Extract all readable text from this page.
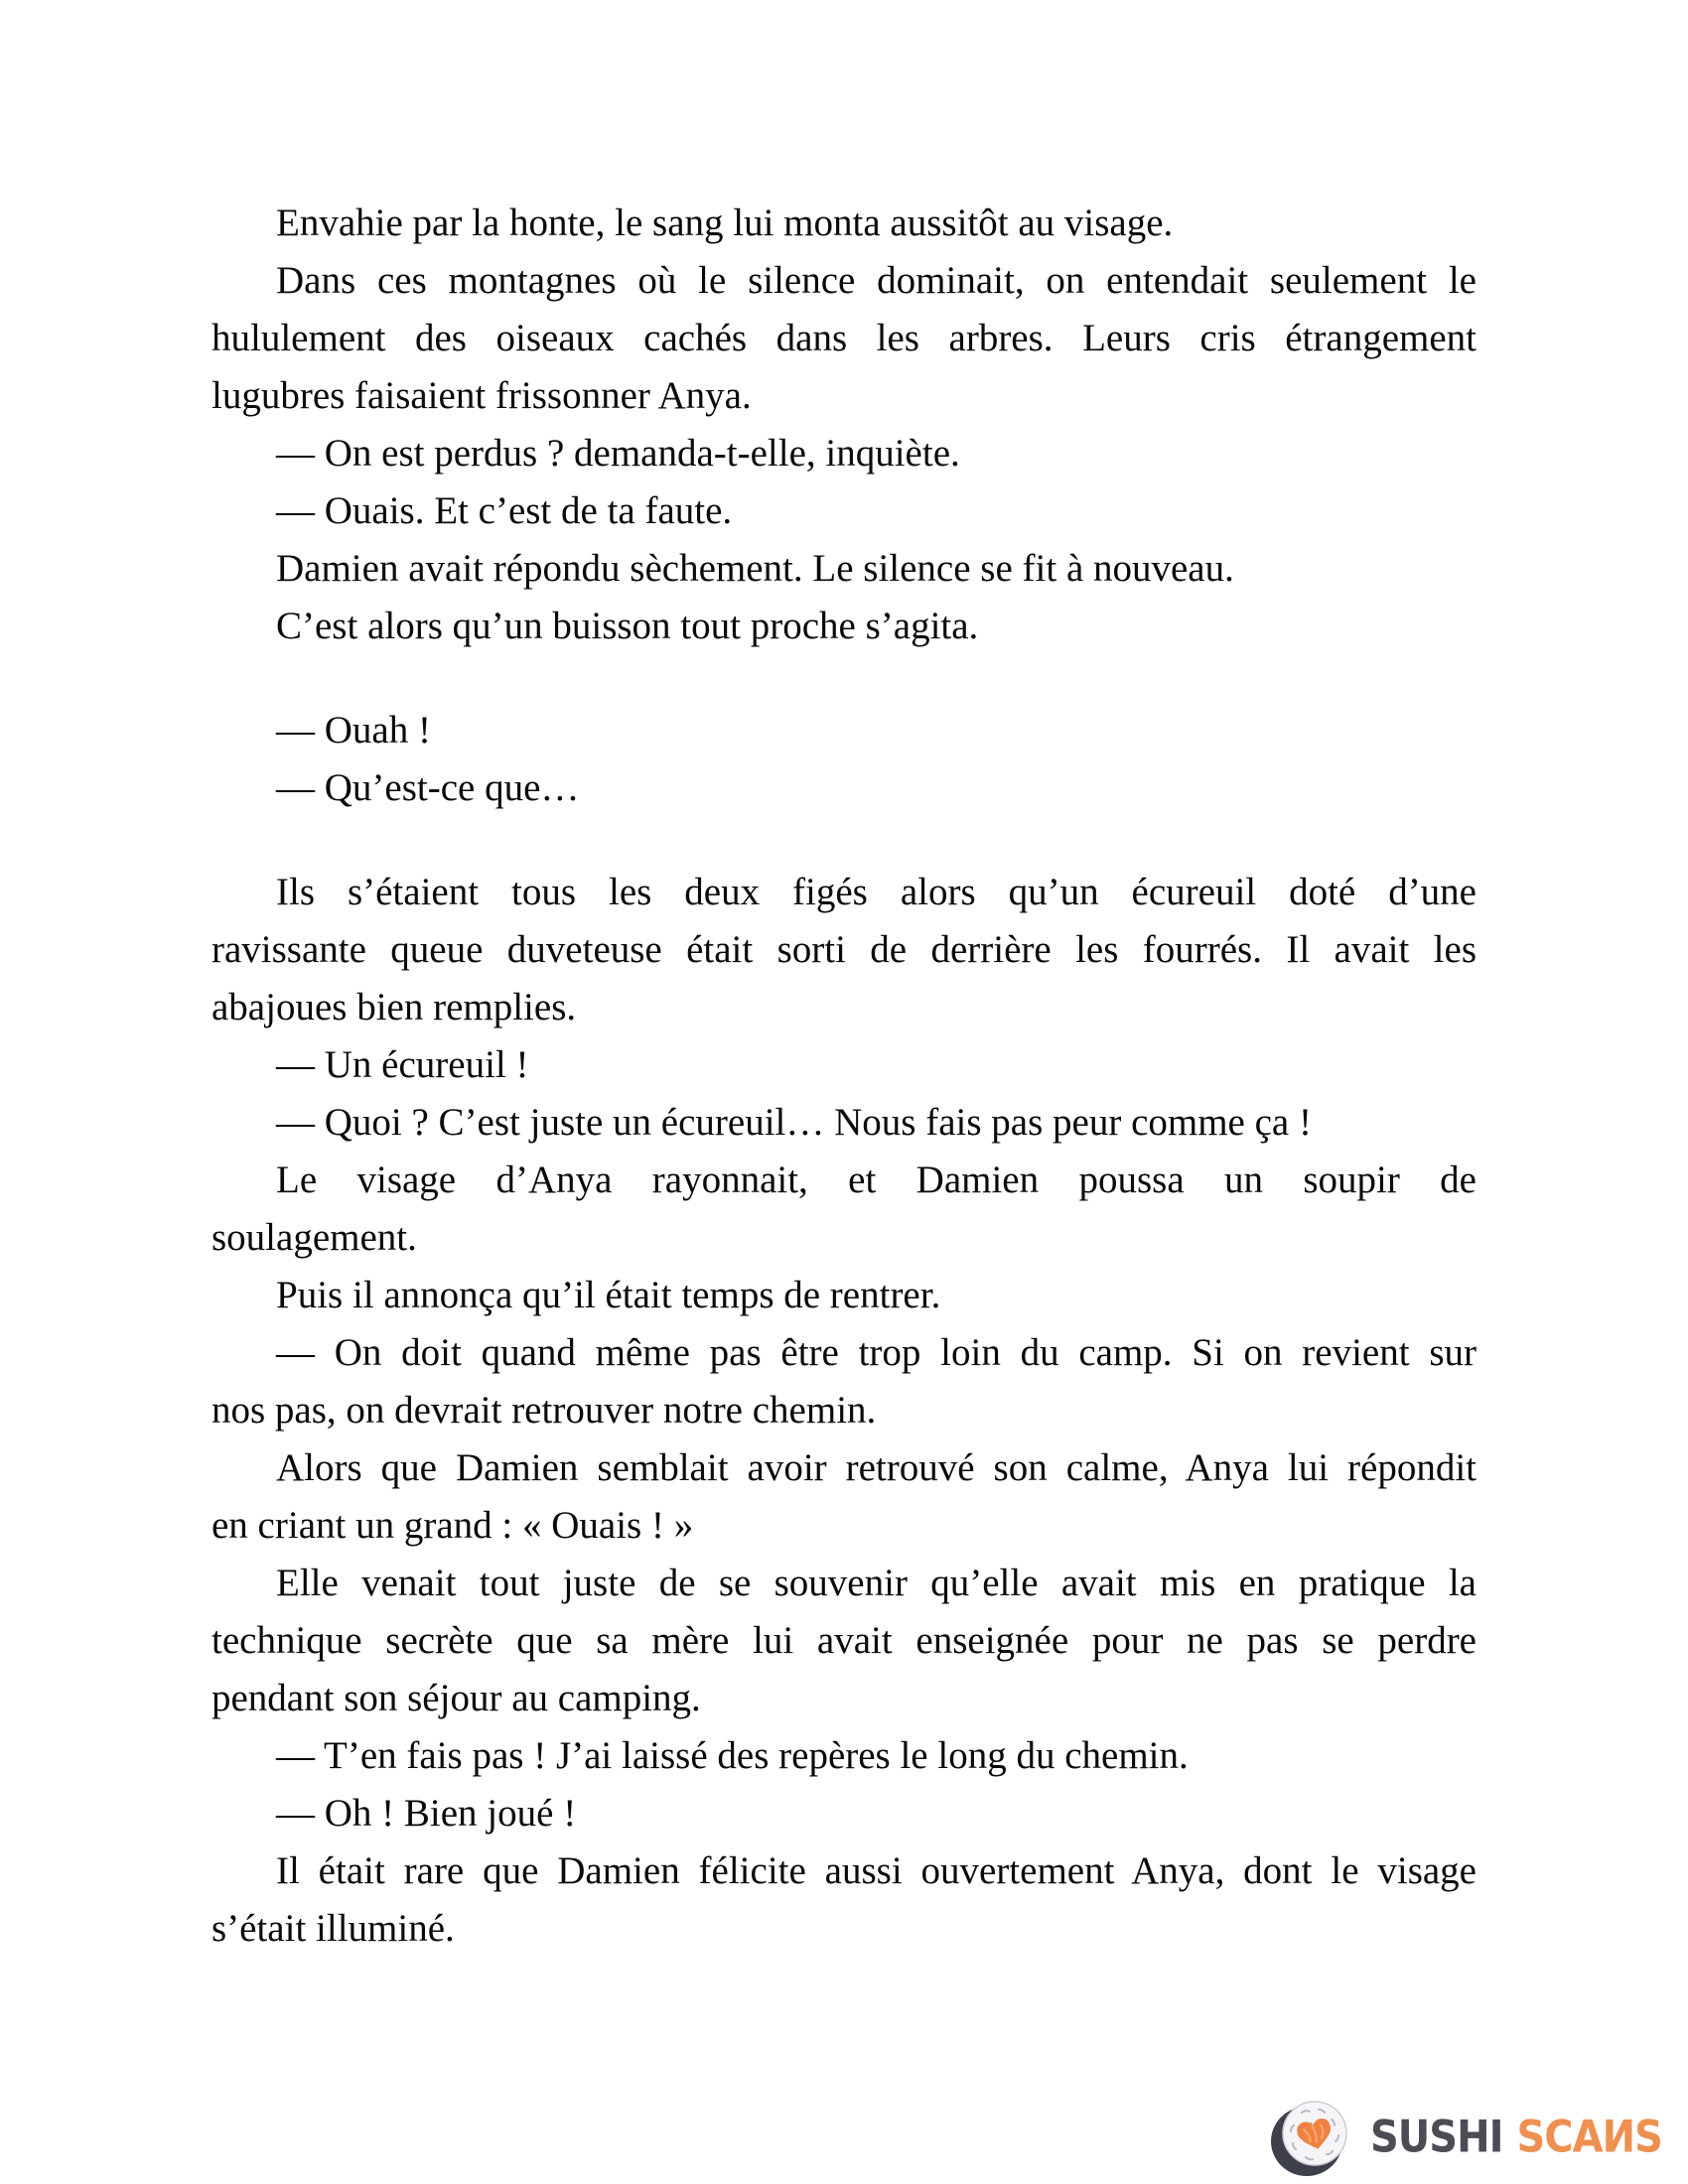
Envahie par la honte, le sang lui monta aussitôt au visage.
Dans ces montagnes où le silence dominait, on entendait seulement le
hululement des oiseaux cachés dans les arbres. Leurs cris étrangement
lugubres faisaient frissonner Anya.
— On est perdus ? demanda-t-elle, inquiète.
— Ouais. Et c’est de ta faute.
Damien avait répondu sèchement. Le silence se fit à nouveau.
C’est alors qu’un buisson tout proche s’agita.
— Ouah !
— Qu’est-ce que…
Ils s’étaient tous les deux figés alors qu’un écureuil doté d’une
ravissante queue duveteuse était sorti de derrière les fourrés. Il avait les
abajoues bien remplies.
— Un écureuil !
— Quoi ? C’est juste un écureuil… Nous fais pas peur comme ça !
Le visage d’Anya rayonnait, et Damien poussa un soupir de
soulagement.
Puis il annonça qu’il était temps de rentrer.
— On doit quand même pas être trop loin du camp. Si on revient sur
nos pas, on devrait retrouver notre chemin.
Alors que Damien semblait avoir retrouvé son calme, Anya lui répondit
en criant un grand : « Ouais ! »
Elle venait tout juste de se souvenir qu’elle avait mis en pratique la
technique secrète que sa mère lui avait enseignée pour ne pas se perdre
pendant son séjour au camping.
— T’en fais pas ! J’ai laissé des repères le long du chemin.
— Oh ! Bien joué !
Il était rare que Damien félicite aussi ouvertement Anya, dont le visage
s’était illuminé.
SUSHI SCAИS
